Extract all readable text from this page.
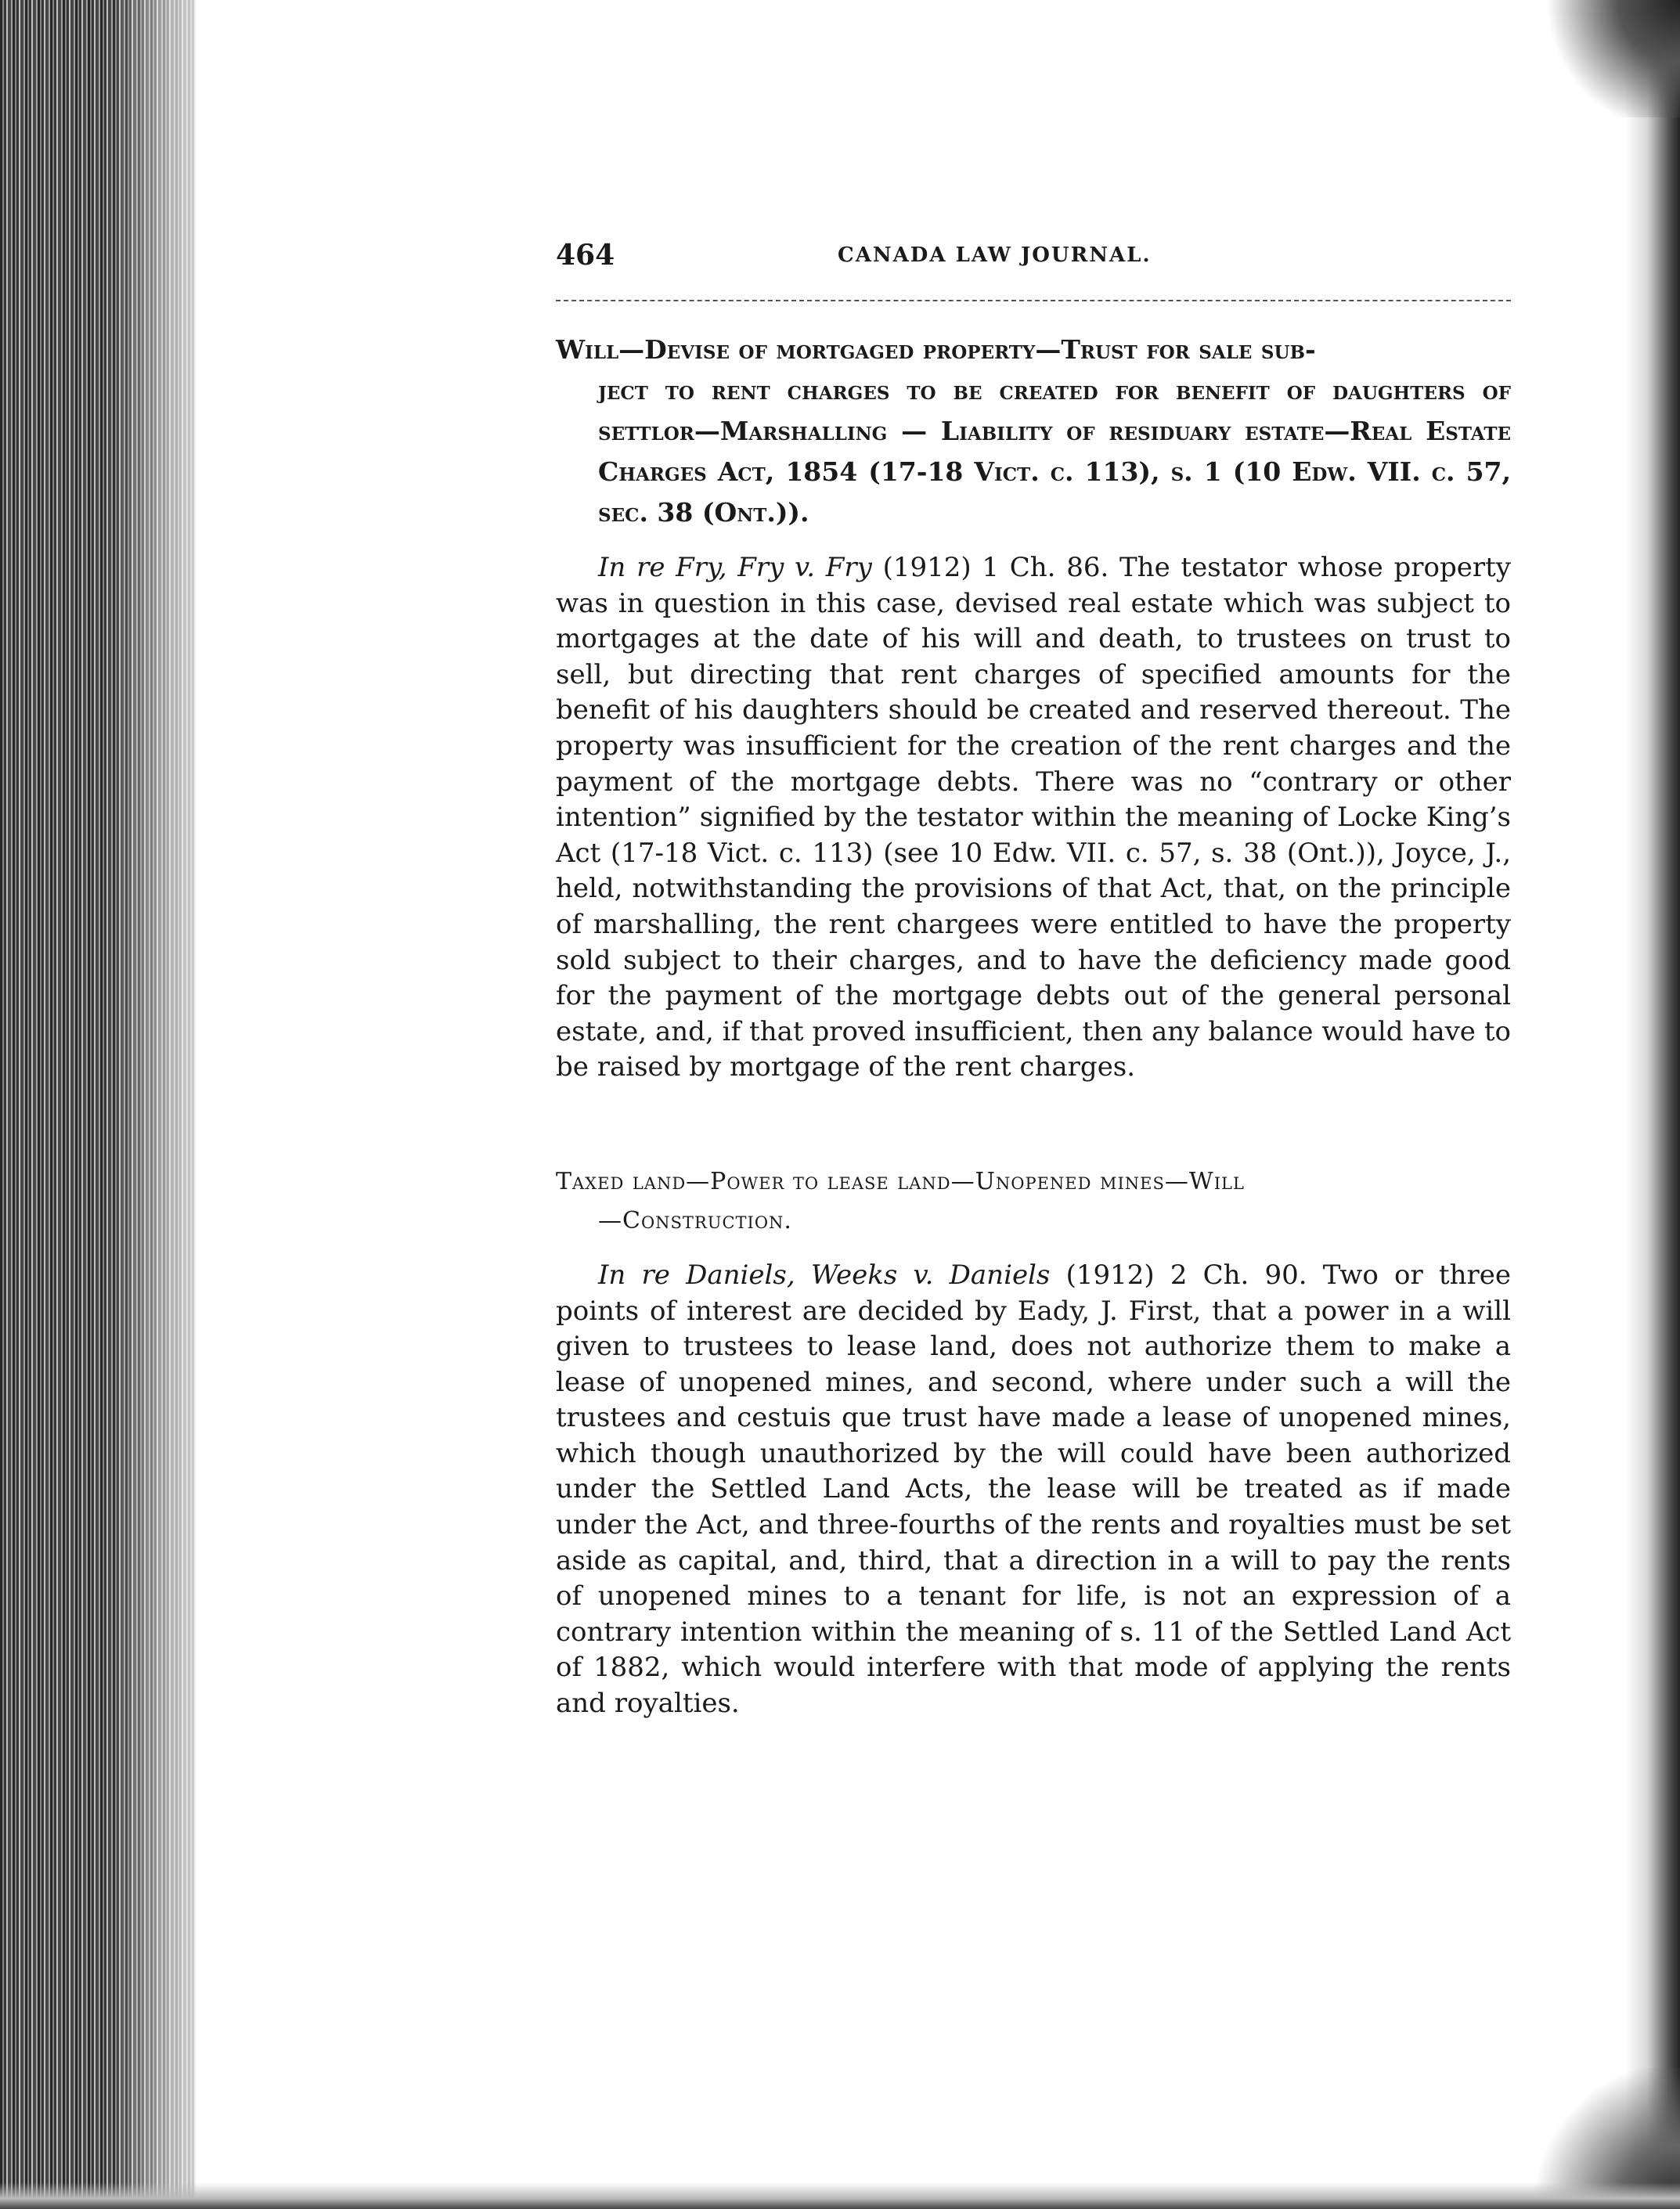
464	CANADA LAW JOURNAL.
Will—Devise of mortgaged property—Trust for sale sub-
ject to rent charges to be created for benefit of daughters of settlor—Marshalling — Liability of residuary estate—Real Estate Charges Act, 1854 (17-18 Vict. c. 113), s. 1 (10 Edw. VII. c. 57, sec. 38 (Ont.)).

In re Fry, Fry v. Fry (1912) 1 Ch. 86. The testator whose property was in question in this case, devised real estate which was subject to mortgages at the date of his will and death, to trustees on trust to sell, but directing that rent charges of specified amounts for the benefit of his daughters should be created and reserved thereout. The property was insufficient for the creation of the rent charges and the payment of the mortgage debts. There was no “contrary or other intention” signified by the testator within the meaning of Locke King’s Act (17-18 Vict. c. 113) (see 10 Edw. VII. c. 57, s. 38 (Ont.)), Joyce, J., held, notwithstanding the provisions of that Act, that, on the principle of marshalling, the rent chargees were entitled to have the property sold subject to their charges, and to have the deficiency made good for the payment of the mortgage debts out of the general personal estate, and, if that proved insufficient, then any balance would have to be raised by mortgage of the rent charges.

Taxed land—Power to lease land—Unopened mines—Will
—Construction.

In re Daniels, Weeks v. Daniels (1912) 2 Ch. 90. Two or three points of interest are decided by Eady, J. First, that a power in a will given to trustees to lease land, does not authorize them to make a lease of unopened mines, and second, where under such a will the trustees and cestuis que trust have made a lease of unopened mines, which though unauthorized by the will could have been authorized under the Settled Land Acts, the lease will be treated as if made under the Act, and three-fourths of the rents and royalties must be set aside as capital, and, third, that a direction in a will to pay the rents of unopened mines to a tenant for life, is not an expression of a contrary intention within the meaning of s. 11 of the Settled Land Act of 1882, which would interfere with that mode of applying the rents and royalties.
